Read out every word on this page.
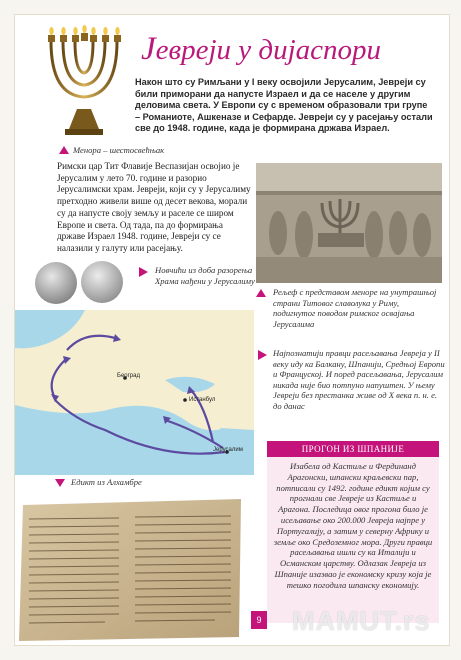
Јевреји у дијаспори
Након што су Римљани у I веку освојили Јерусалим, Јевреји су били примoрани да напусте Израел и да се населе у другим деловима света. У Европи су с временом образовали три групе – Романиоте, Ашкеназе и Сефарде. Јевреји су у расејању остали све до 1948. године, када је формирана држава Израел.
Менора – шестосвећњак
Римски цар Тит Флавије Веспазијан освојио је Јерусалим у лето 70. године и разорио Јерусалимски храм. Јевреји, који су у Јерусалиму претходно живели више од десет векова, морали су да напусте своју земљу и раселе се широм Европе и света. Од тада, па до формирања државе Израел 1948. године, Јевреји су се налазили у галуту или расејању.
Новчићи из доба разорења Храма нађени у Јерусалиму
Рељеф с представом меноре на унутрашњој страни Титовог славолука у Риму, подигнутог поводом римског освајања Јерусалима
Београд
Истанбул
Јерусалим
Најпознатији правци расељавања Јевреја у II веку иду ка Балкану, Шпанији, Средњој Европи и Француској. И поред расељавања, Јерусалим никада није био потпуно напуштен. У њему Јевреји без престанка живе од X века п. н. е. до данас
Едикт из Алхамбре
ПРОГОН ИЗ ШПАНИЈЕ
Изабела од Кастиље и Фердинанд Арагонски, шпански краљевски пар, потписали су 1492. године едикт којим су прогнали све Јевреје из Кастиље и Арагона. Последица овог прогона било је исељавање око 200.000 Јевреја најпре у Португалију, а затим у северну Африку и земље око Средоземног мора. Други правци расељавања ишли су ка Италији и Османском царству. Одлазак Јевреја из Шпаније изазвао је економску кризу која је тешко погодила шпанску економију.
9 MAMUT.rs
